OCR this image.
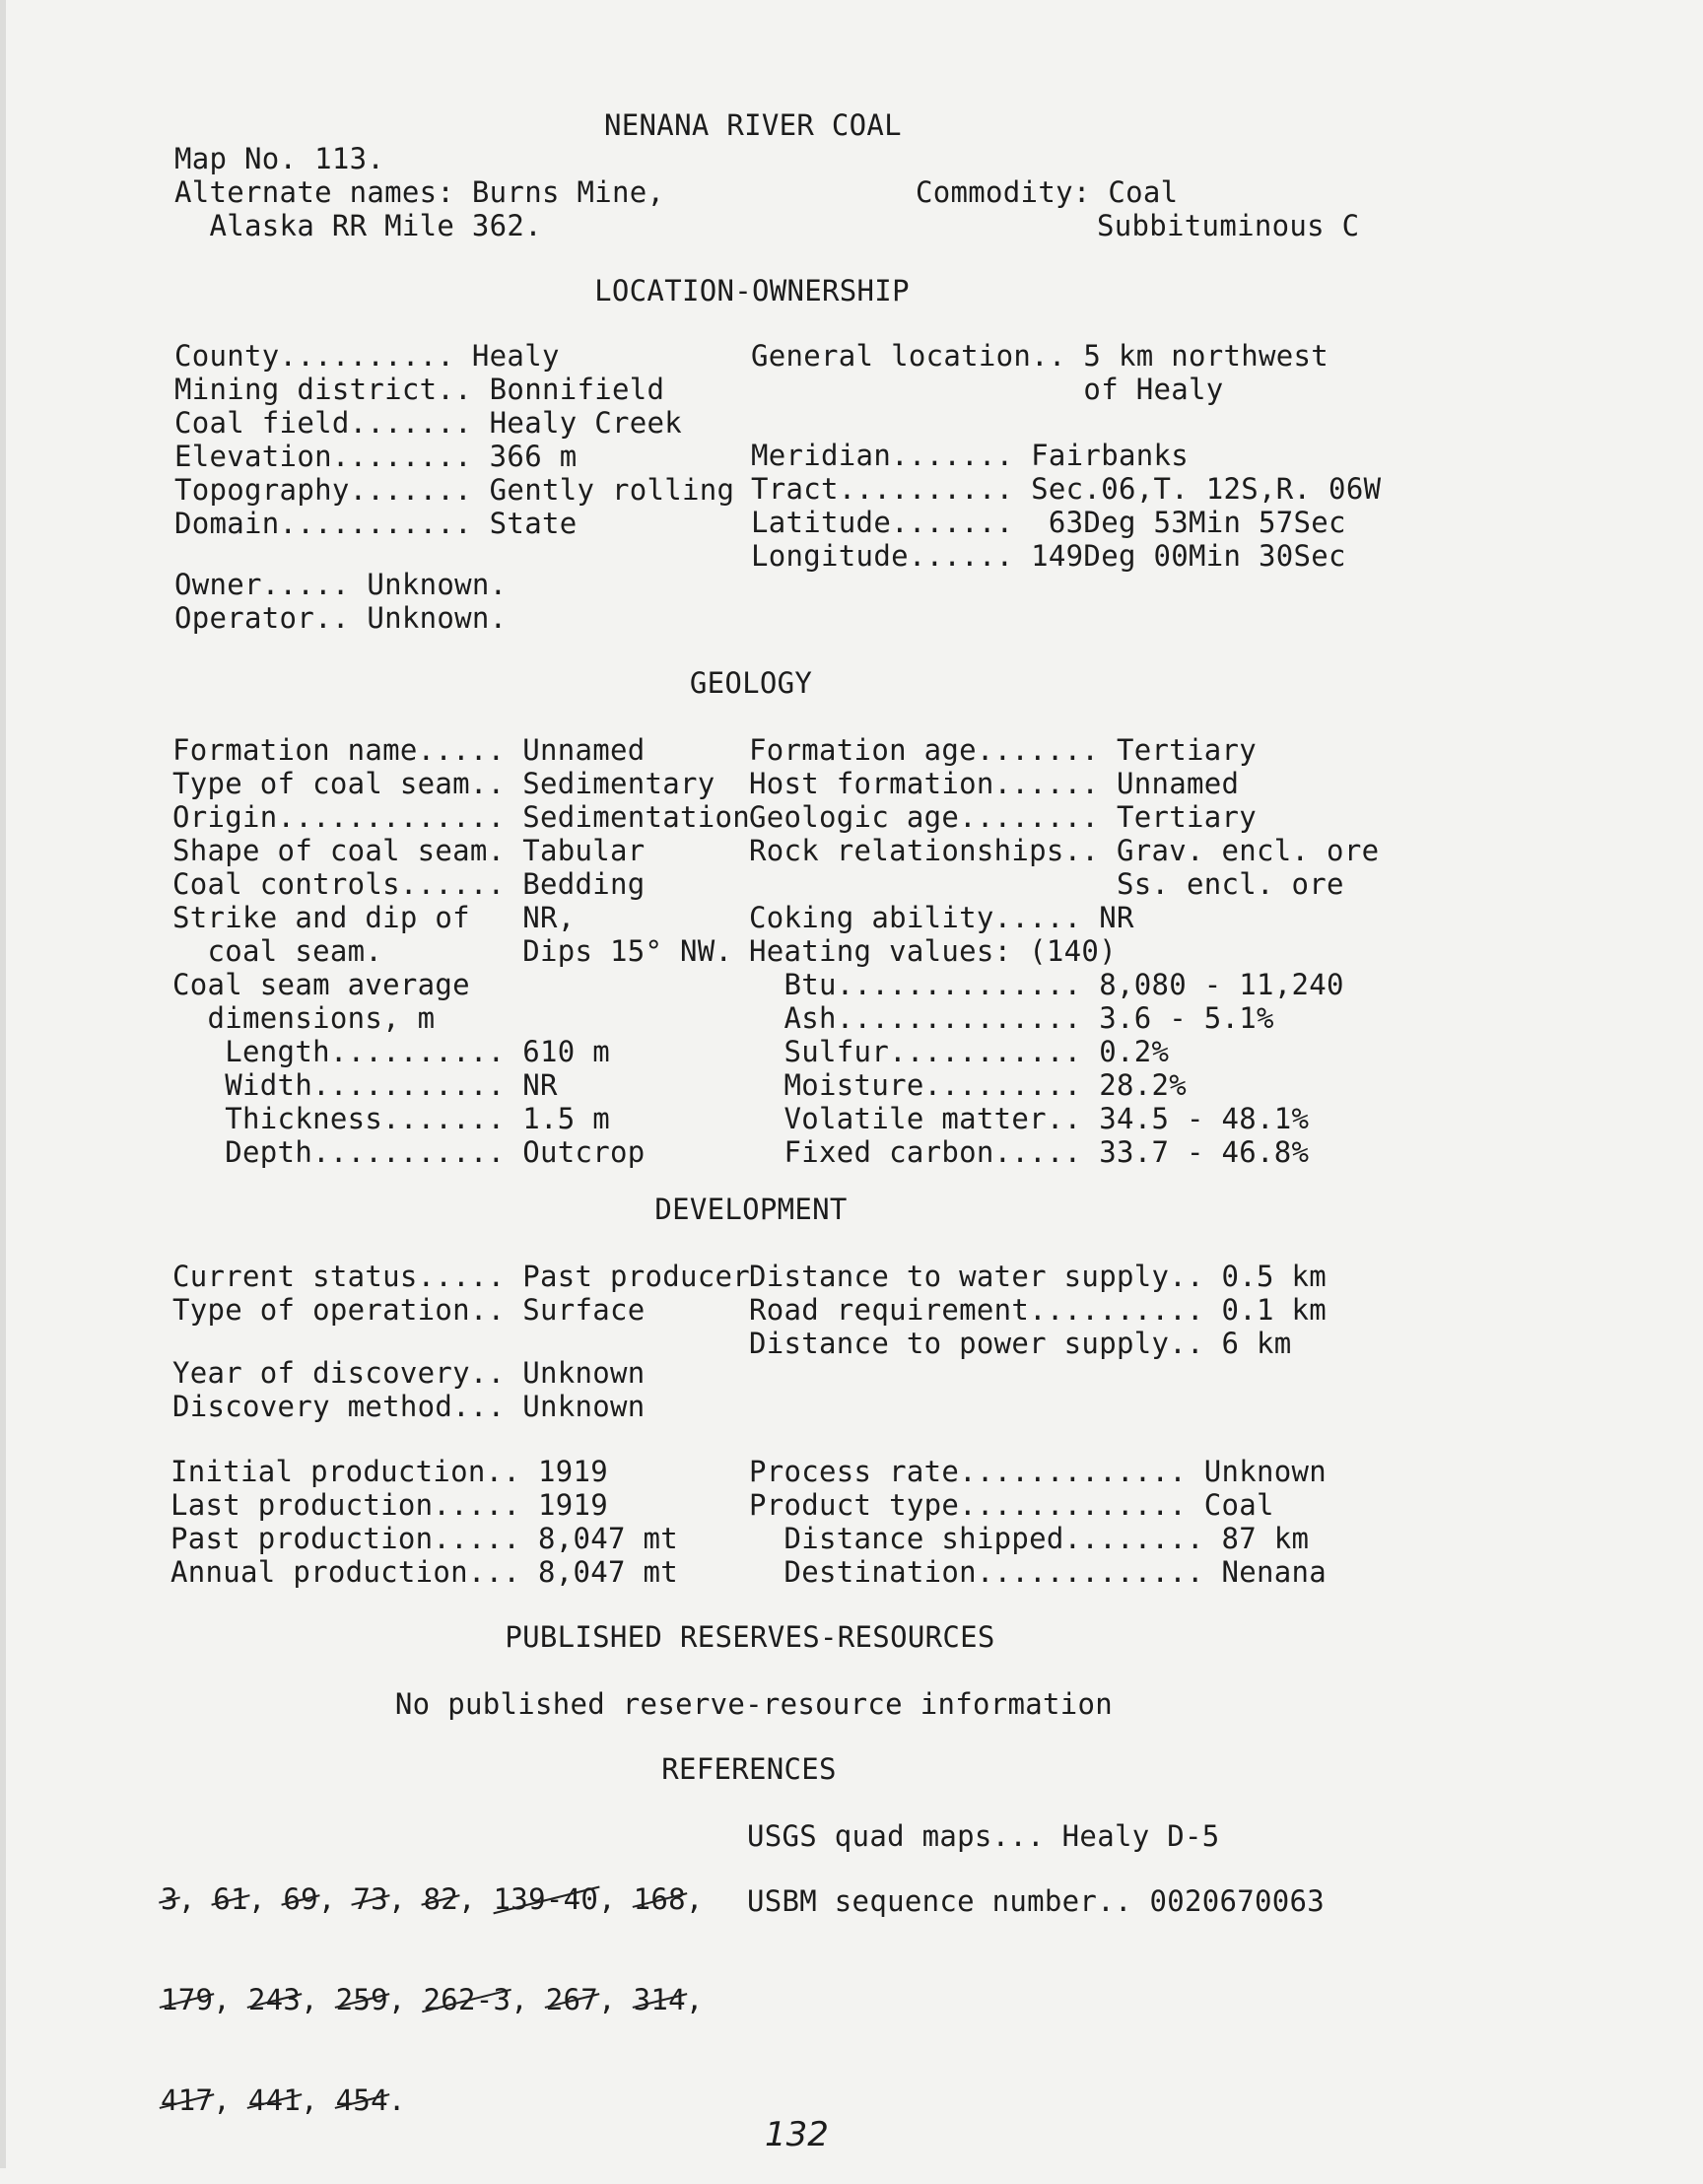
NENANA RIVER COAL
Map No. 113.
Alternate names: Burns Mine,
Alaska RR Mile 362.
Commodity: Coal
Subbituminous C
LOCATION-OWNERSHIP
County.......... Healy
Mining district.. Bonnifield
Coal field....... Healy Creek
Elevation........ 366 m
Topography....... Gently rolling
Domain........... State
General location.. 5 km northwest
of Healy
Meridian....... Fairbanks
Tract.......... Sec.06,T. 12S,R. 06W
Latitude.......  63Deg 53Min 57Sec
Longitude...... 149Deg 00Min 30Sec
Owner..... Unknown.
Operator.. Unknown.
GEOLOGY
Formation name..... Unnamed
Type of coal seam.. Sedimentary
Origin............. Sedimentation
Shape of coal seam. Tabular
Coal controls...... Bedding
Strike and dip of   NR,
coal seam.        Dips 15° NW.
Coal seam average
dimensions, m
Length.......... 610 m
Width........... NR
Thickness....... 1.5 m
Depth........... Outcrop
Formation age....... Tertiary
Host formation...... Unnamed
Geologic age........ Tertiary
Rock relationships.. Grav. encl. ore
Ss. encl. ore
Coking ability..... NR
Heating values: (140)
Btu.............. 8,080 - 11,240
Ash.............. 3.6 - 5.1%
Sulfur........... 0.2%
Moisture......... 28.2%
Volatile matter.. 34.5 - 48.1%
Fixed carbon..... 33.7 - 46.8%
DEVELOPMENT
Current status..... Past producer
Type of operation.. Surface
Year of discovery.. Unknown
Discovery method... Unknown
Distance to water supply.. 0.5 km
Road requirement.......... 0.1 km
Distance to power supply.. 6 km
Initial production.. 1919
Last production..... 1919
Past production..... 8,047 mt
Annual production... 8,047 mt
Process rate............. Unknown
Product type............. Coal
Distance shipped........ 87 km
Destination............. Nenana
PUBLISHED RESERVES-RESOURCES
No published reserve-resource information
REFERENCES

3, 61, 69, 73, 82, 139-40, 168,

179, 243, 259, 262-3, 267, 314,

417, 441, 454.

USGS quad maps... Healy D-5
USBM sequence number.. 0020670063
132
